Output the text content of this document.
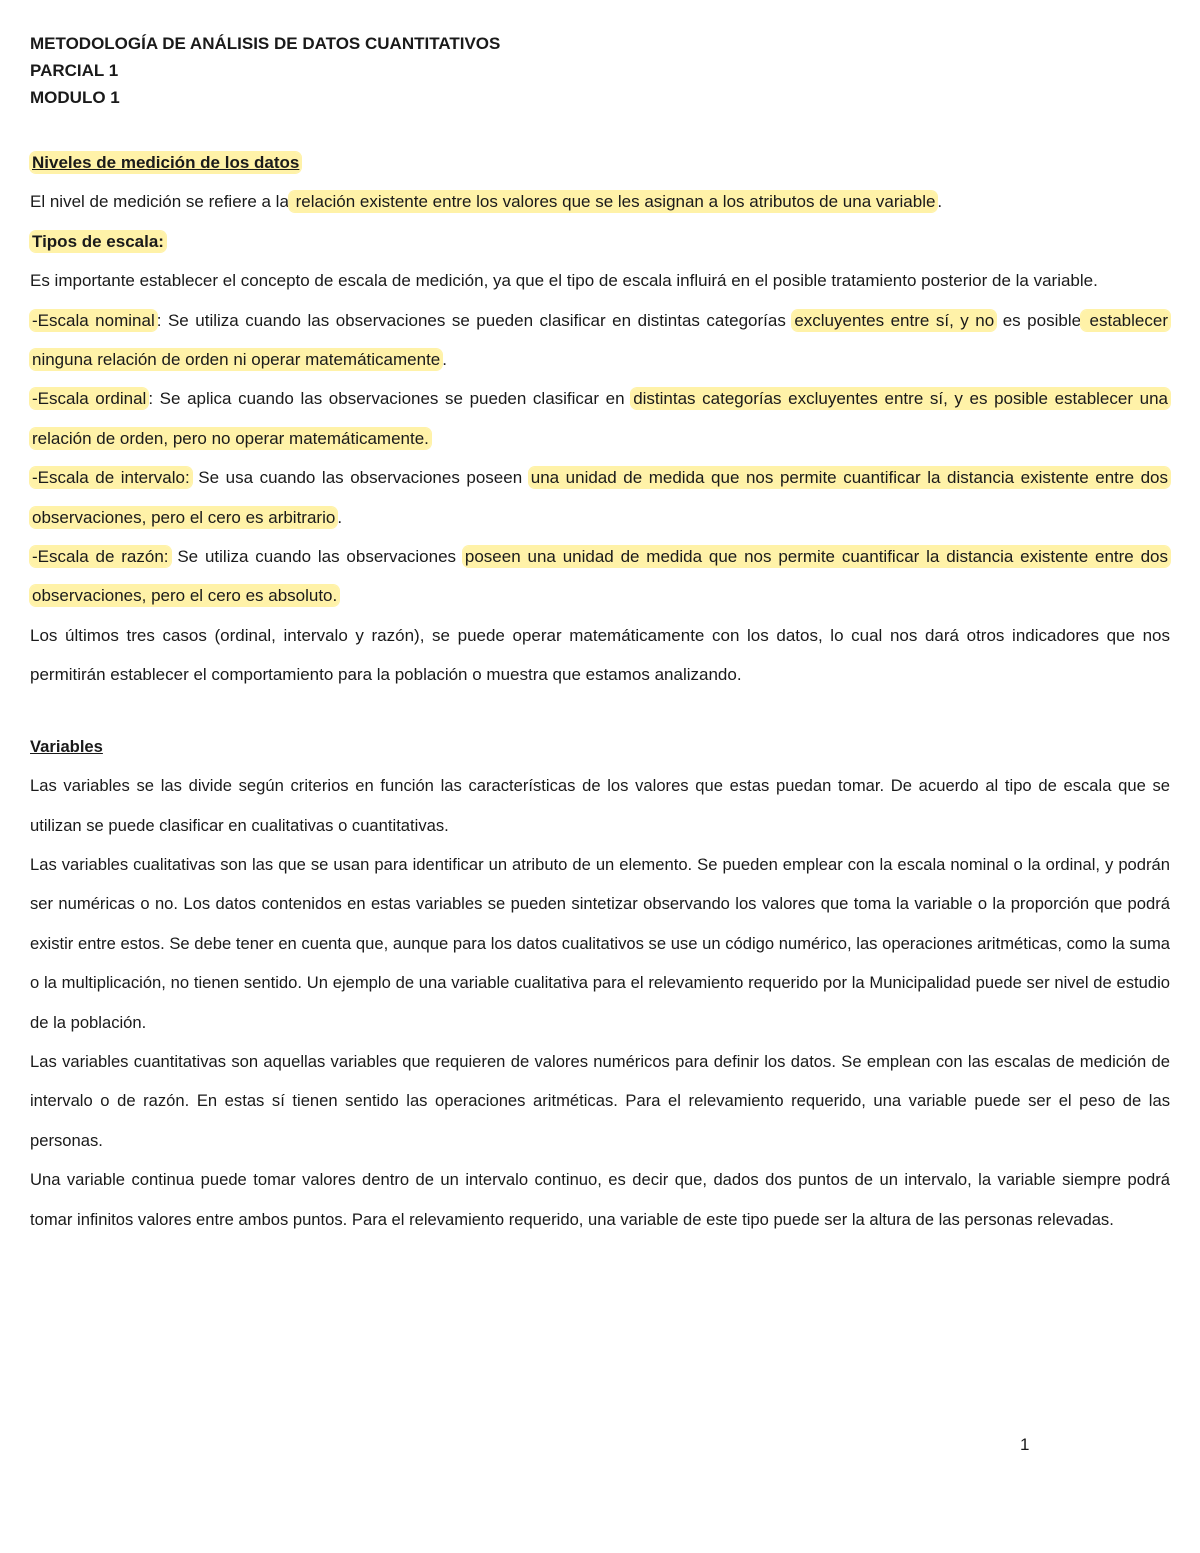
METODOLOGÍA DE ANÁLISIS DE DATOS CUANTITATIVOS

PARCIAL 1

MODULO 1

Niveles de medición de los datos

El nivel de medición se refiere a la relación existente entre los valores que se les asignan a los atributos de una variable .

Tipos de escala:

Es importante establecer el concepto de escala de medición, ya que el tipo de escala influirá en el posible tratamiento posterior de la variable.

-Escala nominal : Se utiliza cuando las observaciones se pueden clasificar en distintas categorías excluyentes entre sí, y no es posible establecer ninguna relación de orden ni operar matemáticamente .

-Escala ordinal : Se aplica cuando las observaciones se pueden clasificar en distintas categorías excluyentes entre sí, y es posible establecer una relación de orden, pero no operar matemáticamente.

-Escala de intervalo: Se usa cuando las observaciones poseen una unidad de medida que nos permite cuantificar la distancia existente entre dos observaciones, pero el cero es arbitrario .

-Escala de razón: Se utiliza cuando las observaciones poseen una unidad de medida que nos permite cuantificar la distancia existente entre dos observaciones, pero el cero es absoluto.

Los últimos tres casos (ordinal, intervalo y razón), se puede operar matemáticamente con los datos, lo cual nos dará otros indicadores que nos permitirán establecer el comportamiento para la población o muestra que estamos analizando.

Variables

Las variables se las divide según criterios en función las características de los valores que estas puedan tomar. De acuerdo al tipo de escala que se utilizan se puede clasificar en cualitativas o cuantitativas.

Las variables cualitativas son las que se usan para identificar un atributo de un elemento. Se pueden emplear con la escala nominal o la ordinal, y podrán ser numéricas o no. Los datos contenidos en estas variables se pueden sintetizar observando los valores que toma la variable o la proporción que podrá existir entre estos. Se debe tener en cuenta que, aunque para los datos cualitativos se use un código numérico, las operaciones aritméticas, como la suma o la multiplicación, no tienen sentido. Un ejemplo de una variable cualitativa para el relevamiento requerido por la Municipalidad puede ser nivel de estudio de la población.

Las variables cuantitativas son aquellas variables que requieren de valores numéricos para definir los datos. Se emplean con las escalas de medición de intervalo o de razón. En estas sí tienen sentido las operaciones aritméticas. Para el relevamiento requerido, una variable puede ser el peso de las personas.

Una variable continua puede tomar valores dentro de un intervalo continuo, es decir que, dados dos puntos de un intervalo, la variable siempre podrá tomar infinitos valores entre ambos puntos. Para el relevamiento requerido, una variable de este tipo puede ser la altura de las personas relevadas.

1
